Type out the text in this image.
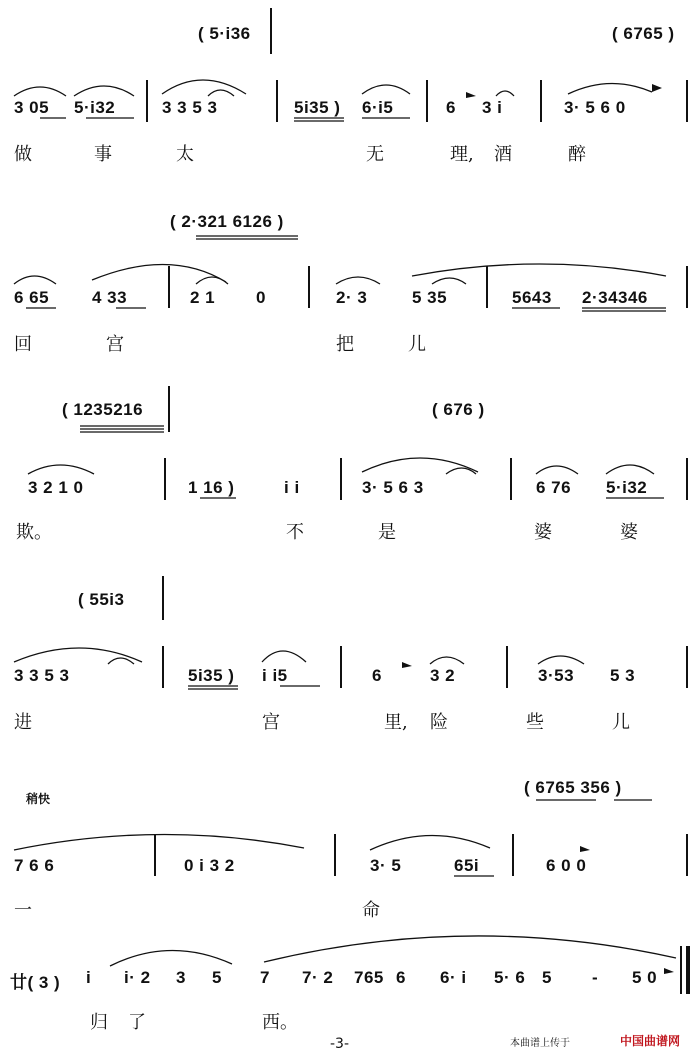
( 5·i36	( 6765 )
3 05 5·i32	3 3 5 3	5i35 ) 6·i5	6 3 i	3· 5 6 0
做	事	太	无	理, 酒	醉
( 2·321 6126 )
6 65	4 33	2 1 0	2· 3	5 35	5643 2·34346
回	宫	把	儿
( 1235216	( 676 )
3 2 1 0	1 16 )	i i	3· 5 6 3	6 76 5·i32
欺。	不	是	婆	婆
( 55i3
3 3 5 3	5i35 ) i i5	6	3 2	3·53 5 3
进	宫	里, 险	些	儿
稍快
( 6765 356 )
7 6 6	0 i 3 2	3· 5	65i	6 0 0
一	命
廿( 3 ) i i· 2 3 5 7 7· 2 765 6 6· i 5· 6 5 - 5 0
归 了	西。
-3-	本曲谱上传于	中国曲谱网
